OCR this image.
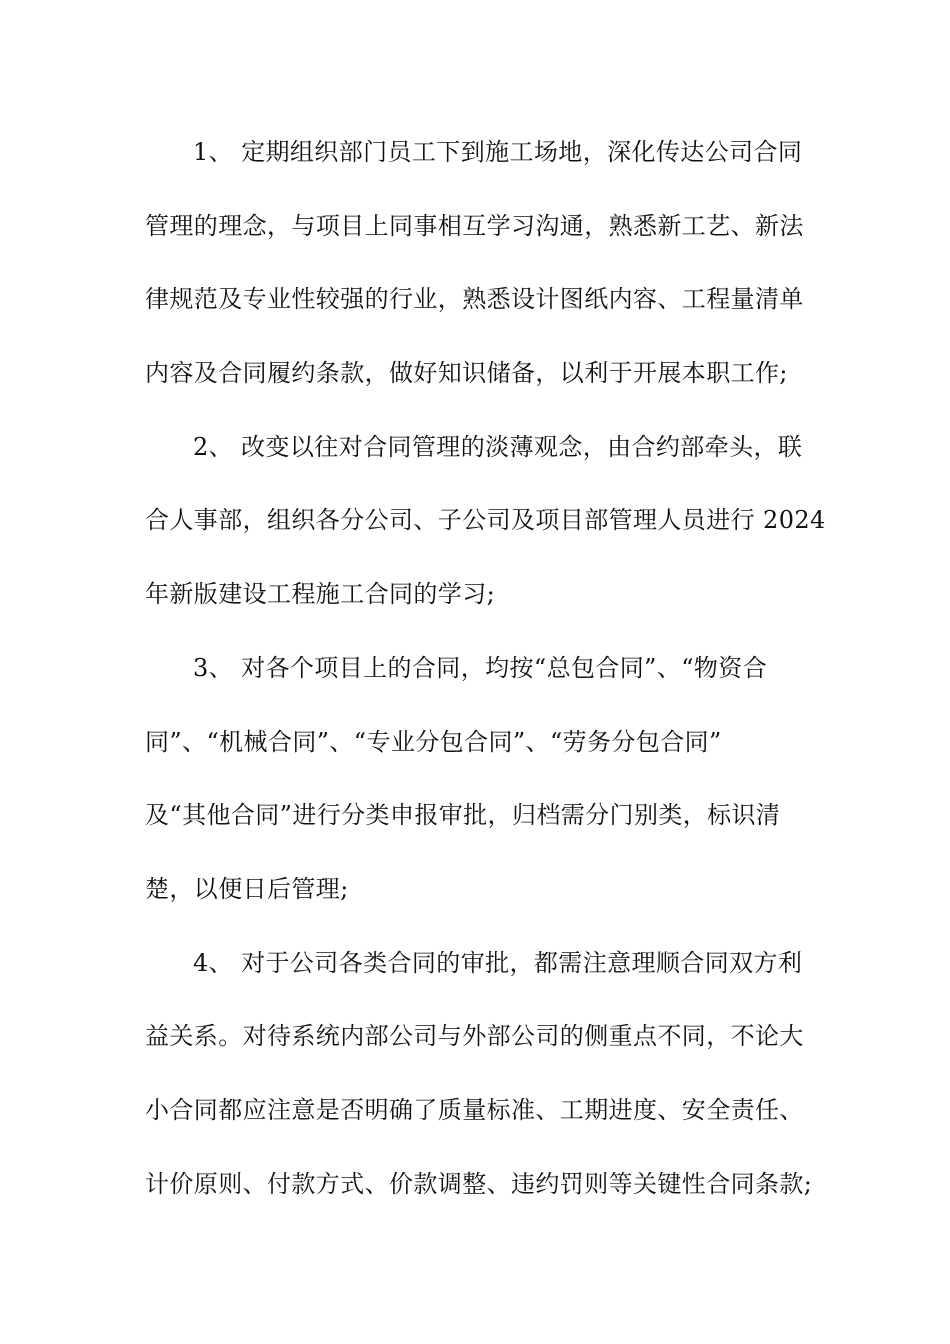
1、 定期组织部门员工下到施工场地，深化传达公司合同
管理的理念，与项目上同事相互学习沟通，熟悉新工艺、新法
律规范及专业性较强的行业，熟悉设计图纸内容、工程量清单
内容及合同履约条款，做好知识储备，以利于开展本职工作;
2、 改变以往对合同管理的淡薄观念，由合约部牵头，联
合人事部，组织各分公司、子公司及项目部管理人员进行 2024
年新版建设工程施工合同的学习;
3、 对各个项目上的合同，均按“总包合同”、“物资合
同”、“机械合同”、“专业分包合同”、“劳务分包合同”
及“其他合同”进行分类申报审批，归档需分门别类，标识清
楚，以便日后管理;
4、 对于公司各类合同的审批，都需注意理顺合同双方利
益关系。对待系统内部公司与外部公司的侧重点不同，不论大
小合同都应注意是否明确了质量标准、工期进度、安全责任、
计价原则、付款方式、价款调整、违约罚则等关键性合同条款;
